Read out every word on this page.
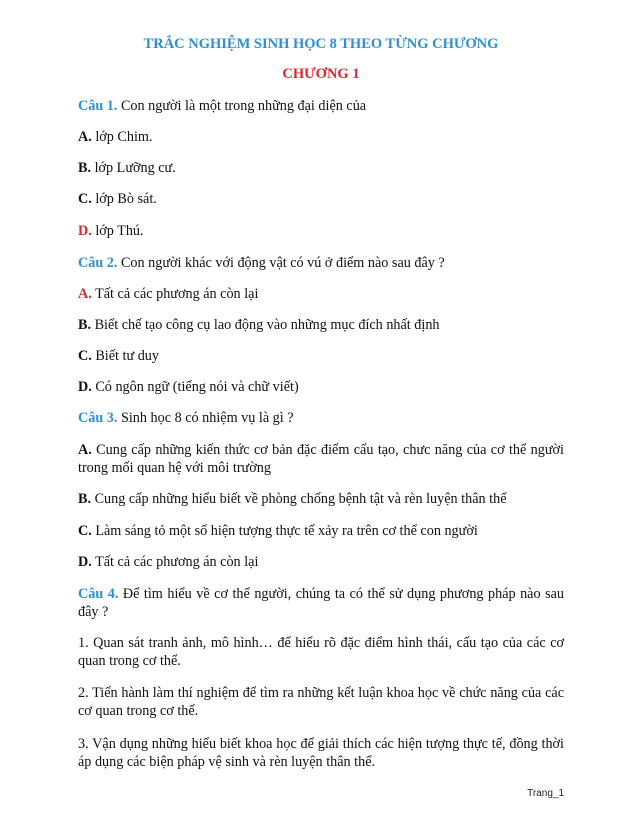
TRẮC NGHIỆM SINH HỌC 8 THEO TỪNG CHƯƠNG
CHƯƠNG 1
Câu 1. Con người là một trong những đại diện của
A. lớp Chim.
B. lớp Lưỡng cư.
C. lớp Bò sát.
D. lớp Thú.
Câu 2. Con người khác với động vật có vú ở điểm nào sau đây ?
A. Tất cả các phương án còn lại
B. Biết chế tạo công cụ lao động vào những mục đích nhất định
C. Biết tư duy
D. Có ngôn ngữ (tiếng nói và chữ viết)
Câu 3. Sinh học 8 có nhiệm vụ là gì ?
A. Cung cấp những kiến thức cơ bản đặc điểm cấu tạo, chưc năng của cơ thể người trong mối quan hệ với môi trường
B. Cung cấp những hiểu biết về phòng chống bệnh tật và rèn luyện thân thể
C. Làm sáng tỏ một số hiện tượng thực tế xảy ra trên cơ thể con người
D. Tất cả các phương án còn lại
Câu 4. Để tìm hiểu về cơ thể người, chúng ta có thể sử dụng phương pháp nào sau đây ?
1. Quan sát tranh ảnh, mô hình… để hiểu rõ đặc điểm hình thái, cấu tạo của các cơ quan trong cơ thể.
2. Tiến hành làm thí nghiệm để tìm ra những kết luận khoa học về chức năng của các cơ quan trong cơ thể.
3. Vận dụng những hiểu biết khoa học để giải thích các hiện tượng thực tế, đồng thời áp dụng các biện pháp vệ sinh và rèn luyện thân thể.
Trang_1
